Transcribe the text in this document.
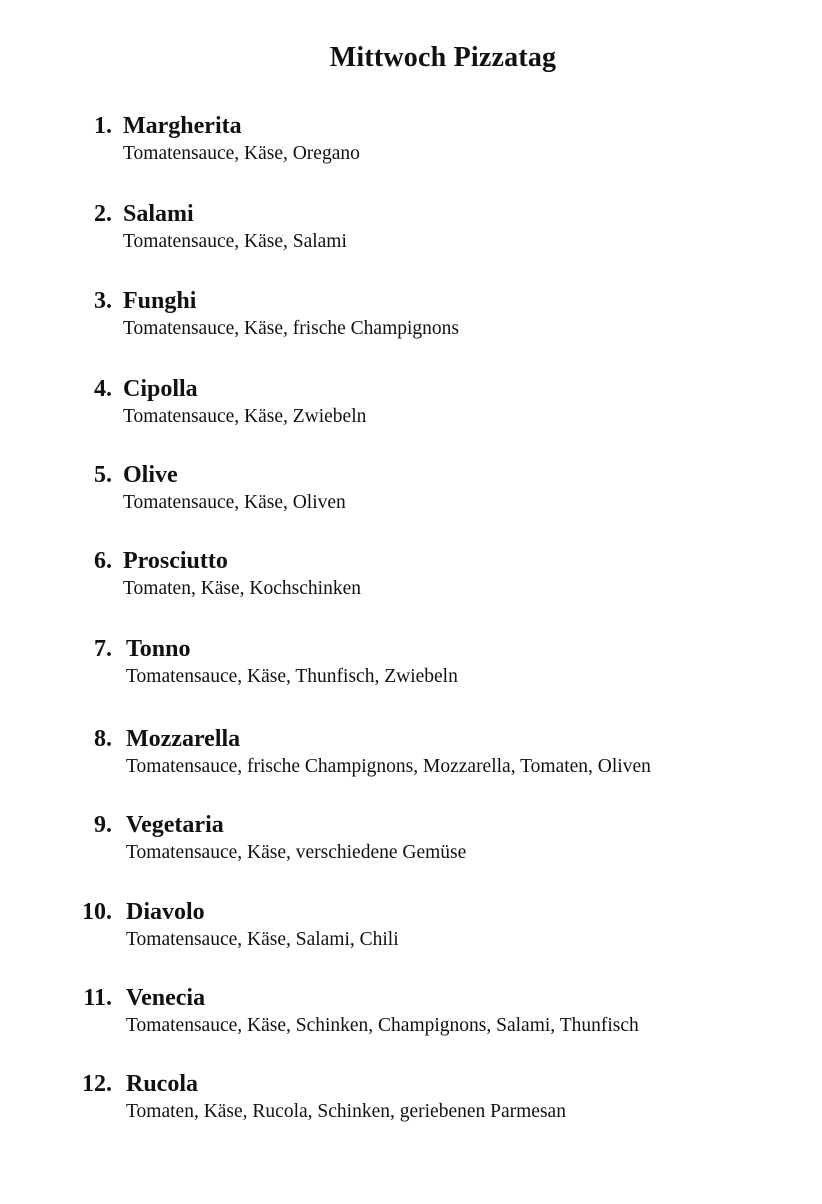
Mittwoch Pizzatag
1. Margherita
Tomatensauce, Käse, Oregano
2. Salami
Tomatensauce, Käse, Salami
3. Funghi
Tomatensauce, Käse, frische Champignons
4. Cipolla
Tomatensauce, Käse, Zwiebeln
5. Olive
Tomatensauce, Käse, Oliven
6. Prosciutto
Tomaten, Käse, Kochschinken
7. Tonno
Tomatensauce, Käse, Thunfisch, Zwiebeln
8. Mozzarella
Tomatensauce, frische Champignons, Mozzarella, Tomaten, Oliven
9. Vegetaria
Tomatensauce, Käse, verschiedene Gemüse
10. Diavolo
Tomatensauce, Käse, Salami, Chili
11. Venecia
Tomatensauce, Käse, Schinken, Champignons, Salami, Thunfisch
12. Rucola
Tomaten, Käse, Rucola, Schinken, geriebenen Parmesan
